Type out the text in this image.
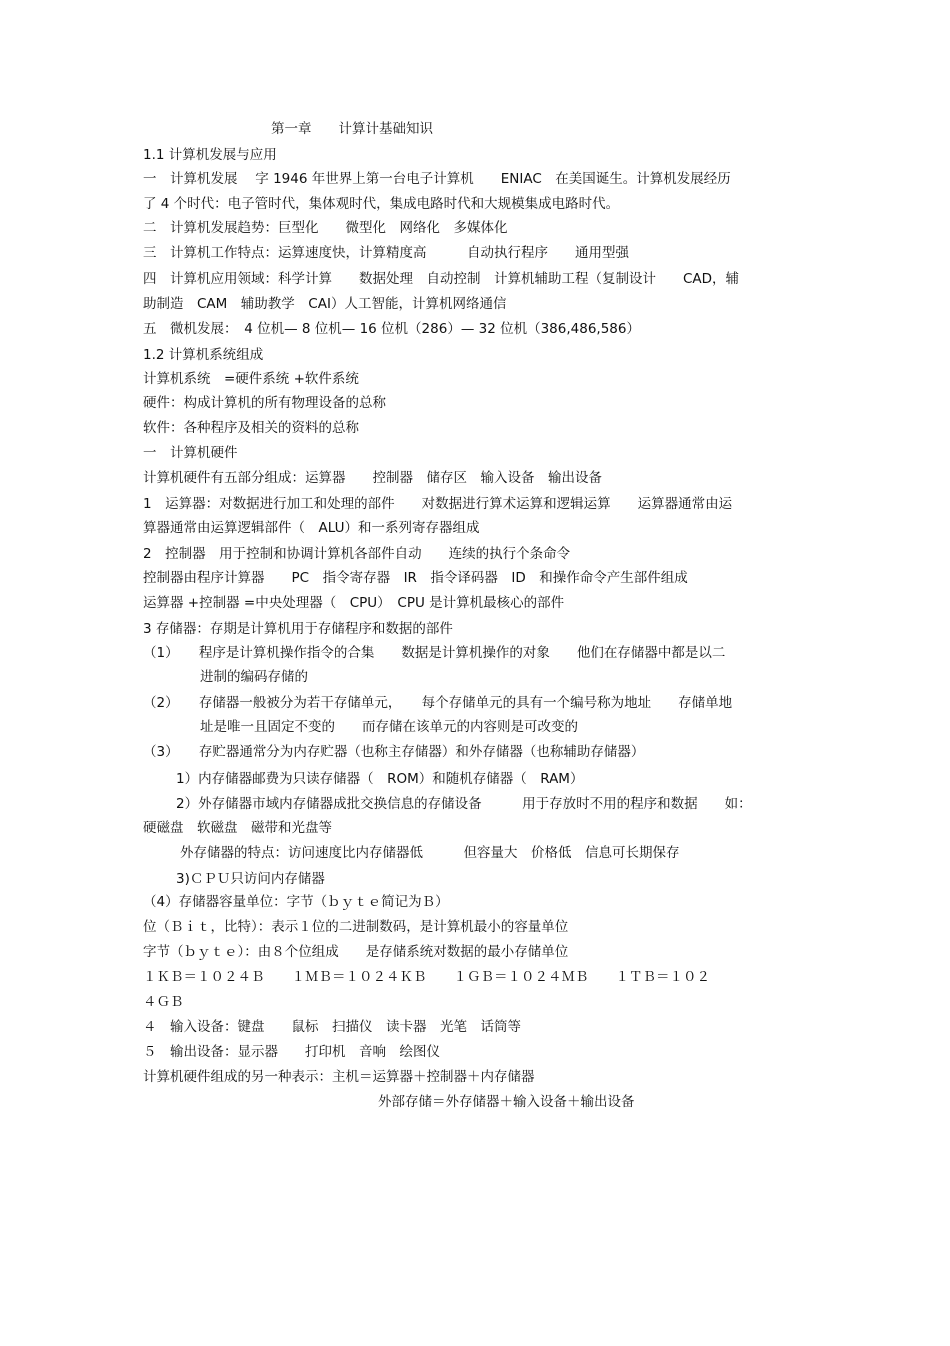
第一章　　计算计基础知识
1.1 计算机发展与应用
一　计算机发展　 字 1946 年世界上第一台电子计算机　　ENIAC　在美国诞生。计算机发展经历
了 4 个时代：电子管时代，集体观时代，集成电路时代和大规模集成电路时代。
二　计算机发展趋势：巨型化　　微型化　网络化　多媒体化
三　计算机工作特点：运算速度快，计算精度高　　　自动执行程序　　通用型强
四　计算机应用领域：科学计算　　数据处理　自动控制　计算机辅助工程（复制设计　　CAD，辅
助制造　CAM　辅助教学　CAI）人工智能，计算机网络通信
五　微机发展：　4 位机— 8 位机— 16 位机（286）— 32 位机（386,486,586）
1.2 计算机系统组成
计算机系统　=硬件系统 +软件系统
硬件：构成计算机的所有物理设备的总称
软件：各种程序及相关的资料的总称
一　计算机硬件
计算机硬件有五部分组成：运算器　　控制器　储存区　输入设备　输出设备
1　运算器：对数据进行加工和处理的部件　　对数据进行算术运算和逻辑运算　　运算器通常由运
算器通常由运算逻辑部件（　ALU）和一系列寄存器组成
2　控制器　用于控制和协调计算机各部件自动　　连续的执行个条命令
控制器由程序计算器　　PC　指令寄存器　IR　指令译码器　ID　和操作命令产生部件组成
运算器 +控制器 =中央处理器（　CPU）　CPU 是计算机最核心的部件
3 存储器：存期是计算机用于存储程序和数据的部件
（1）　　程序是计算机操作指令的合集　　数据是计算机操作的对象　　他们在存储器中都是以二
进制的编码存储的
（2）　　存储器一般被分为若干存储单元，　　每个存储单元的具有一个编号称为地址　　存储单地
址是唯一且固定不变的　　而存储在该单元的内容则是可改变的
（3）　　存贮器通常分为内存贮器（也称主存储器）和外存储器（也称辅助存储器）
1）内存储器邮费为只读存储器（　ROM）和随机存储器（　RAM）
2）外存储器市域内存储器成批交换信息的存储设备　　　用于存放时不用的程序和数据　　如：
硬磁盘　软磁盘　磁带和光盘等
外存储器的特点：访问速度比内存储器低　　　但容量大　价格低　信息可长期保存
3)ＣＰＵ只访问内存储器
（4）存储器容量单位：字节（ｂｙｔｅ简记为Ｂ）
位（Ｂｉｔ，比特）：表示１位的二进制数码，是计算机最小的容量单位
字节（ｂｙｔｅ）：由８个位组成　　是存储系统对数据的最小存储单位
１ＫＢ＝１０２４Ｂ　　１ＭＢ＝１０２４ＫＢ　　１ＧＢ＝１０２４ＭＢ　　１ＴＢ＝１０２
４ＧＢ
４　输入设备：键盘　　鼠标　扫描仪　读卡器　光笔　话筒等
５　输出设备：显示器　　打印机　音响　绘图仪
计算机硬件组成的另一种表示：主机＝运算器＋控制器＋内存储器
外部存储＝外存储器＋输入设备＋输出设备
